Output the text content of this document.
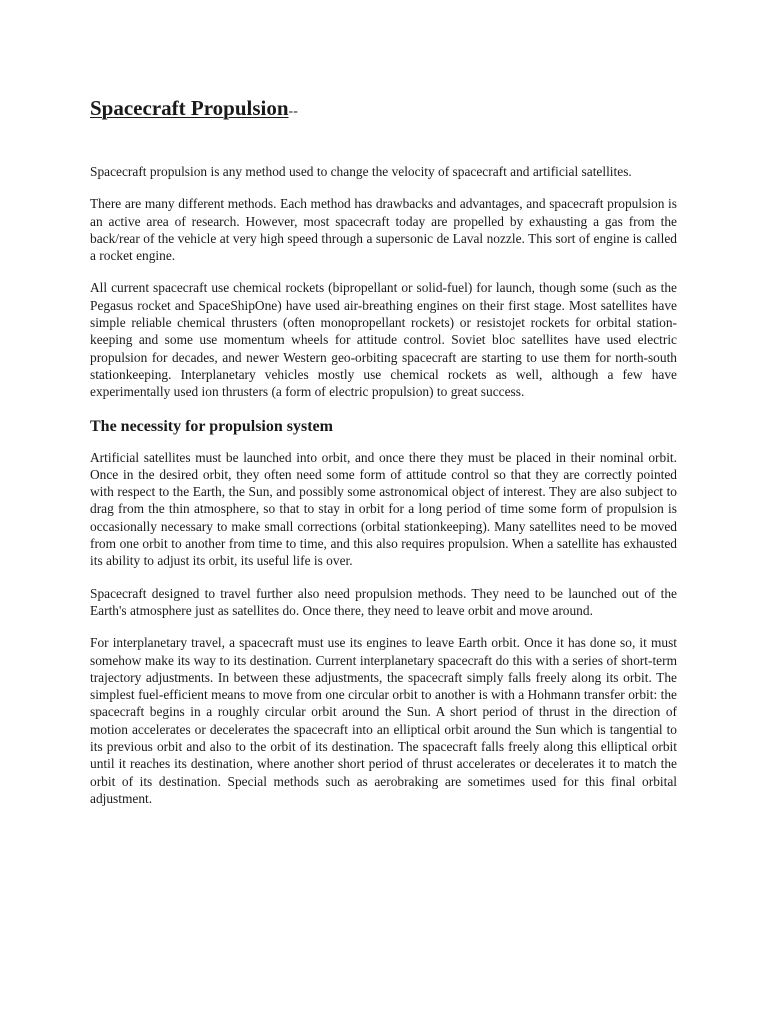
Spacecraft Propulsion--

Spacecraft propulsion is any method used to change the velocity of spacecraft and artificial satellites.

There are many different methods. Each method has drawbacks and advantages, and spacecraft propulsion is an active area of research. However, most spacecraft today are propelled by exhausting a gas from the back/rear of the vehicle at very high speed through a supersonic de Laval nozzle. This sort of engine is called a rocket engine.

All current spacecraft use chemical rockets (bipropellant or solid-fuel) for launch, though some (such as the Pegasus rocket and SpaceShipOne) have used air-breathing engines on their first stage. Most satellites have simple reliable chemical thrusters (often monopropellant rockets) or resistojet rockets for orbital station-keeping and some use momentum wheels for attitude control. Soviet bloc satellites have used electric propulsion for decades, and newer Western geo-orbiting spacecraft are starting to use them for north-south stationkeeping. Interplanetary vehicles mostly use chemical rockets as well, although a few have experimentally used ion thrusters (a form of electric propulsion) to great success.

The necessity for propulsion system

Artificial satellites must be launched into orbit, and once there they must be placed in their nominal orbit. Once in the desired orbit, they often need some form of attitude control so that they are correctly pointed with respect to the Earth, the Sun, and possibly some astronomical object of interest. They are also subject to drag from the thin atmosphere, so that to stay in orbit for a long period of time some form of propulsion is occasionally necessary to make small corrections (orbital stationkeeping). Many satellites need to be moved from one orbit to another from time to time, and this also requires propulsion. When a satellite has exhausted its ability to adjust its orbit, its useful life is over.

Spacecraft designed to travel further also need propulsion methods. They need to be launched out of the Earth's atmosphere just as satellites do. Once there, they need to leave orbit and move around.

For interplanetary travel, a spacecraft must use its engines to leave Earth orbit. Once it has done so, it must somehow make its way to its destination. Current interplanetary spacecraft do this with a series of short-term trajectory adjustments. In between these adjustments, the spacecraft simply falls freely along its orbit. The simplest fuel-efficient means to move from one circular orbit to another is with a Hohmann transfer orbit: the spacecraft begins in a roughly circular orbit around the Sun. A short period of thrust in the direction of motion accelerates or decelerates the spacecraft into an elliptical orbit around the Sun which is tangential to its previous orbit and also to the orbit of its destination. The spacecraft falls freely along this elliptical orbit until it reaches its destination, where another short period of thrust accelerates or decelerates it to match the orbit of its destination. Special methods such as aerobraking are sometimes used for this final orbital adjustment.
